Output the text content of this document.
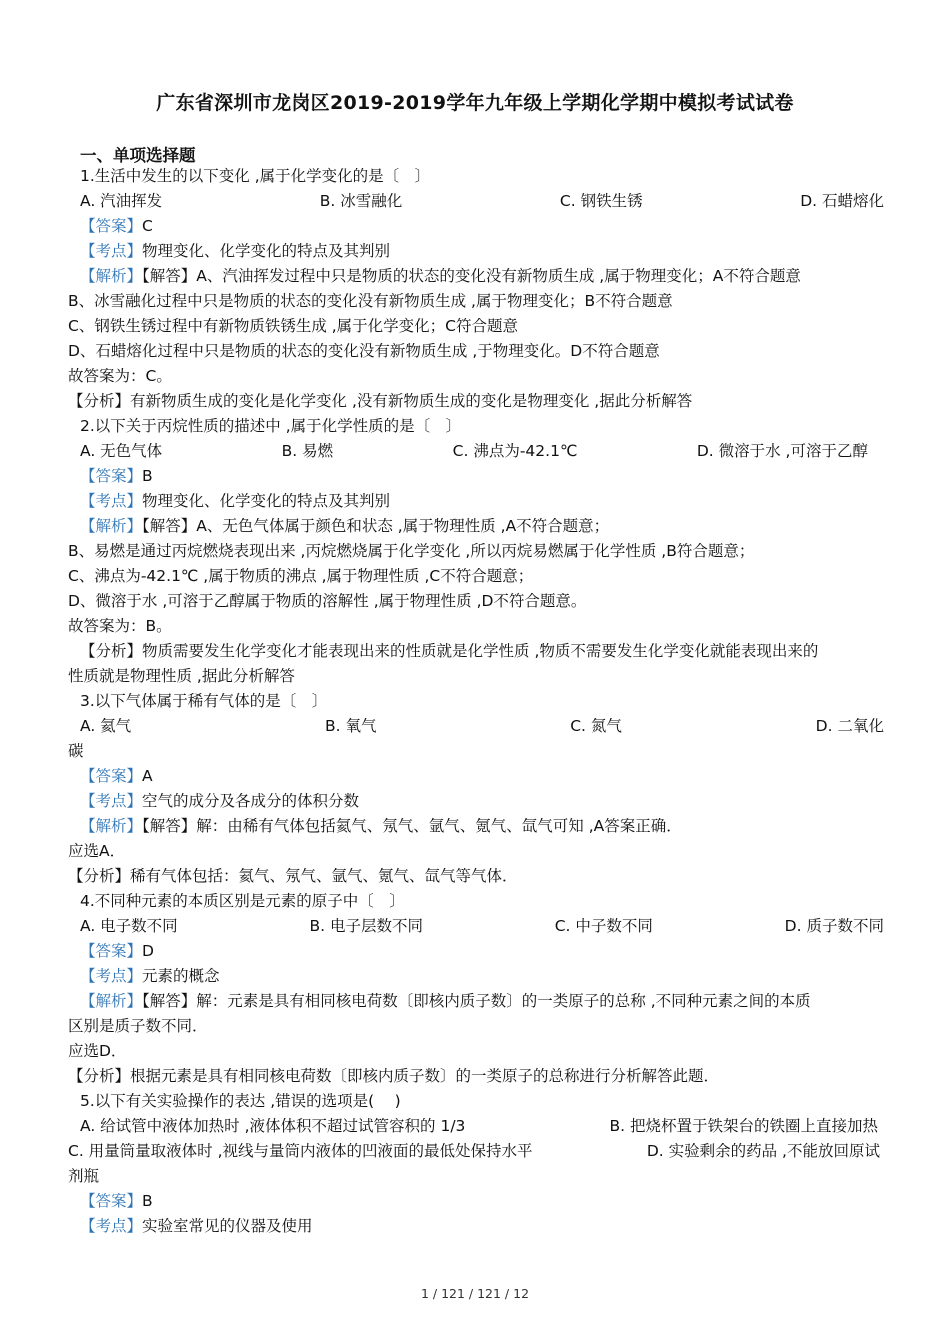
广东省深圳市龙岗区2019-2019学年九年级上学期化学期中模拟考试试卷
一、单项选择题
1.生活中发生的以下变化 ,属于化学变化的是〔　〕
A. 汽油挥发	B. 冰雪融化	C. 钢铁生锈	D. 石蜡熔化
【答案】C
【考点】物理变化、化学变化的特点及其判别
【解析】【解答】A、汽油挥发过程中只是物质的状态的变化没有新物质生成 ,属于物理变化；A不符合题意
B、冰雪融化过程中只是物质的状态的变化没有新物质生成 ,属于物理变化；B不符合题意
C、钢铁生锈过程中有新物质铁锈生成 ,属于化学变化；C符合题意
D、石蜡熔化过程中只是物质的状态的变化没有新物质生成 ,于物理变化。D不符合题意
故答案为：C。
【分析】有新物质生成的变化是化学变化 ,没有新物质生成的变化是物理变化 ,据此分析解答
2.以下关于丙烷性质的描述中 ,属于化学性质的是〔　〕
A. 无色气体	B. 易燃	C. 沸点为-42.1℃	D. 微溶于水 ,可溶于乙醇
【答案】B
【考点】物理变化、化学变化的特点及其判别
【解析】【解答】A、无色气体属于颜色和状态 ,属于物理性质 ,A不符合题意；
B、易燃是通过丙烷燃烧表现出来 ,丙烷燃烧属于化学变化 ,所以丙烷易燃属于化学性质 ,B符合题意；
C、沸点为-42.1℃ ,属于物质的沸点 ,属于物理性质 ,C不符合题意；
D、微溶于水 ,可溶于乙醇属于物质的溶解性 ,属于物理性质 ,D不符合题意。
故答案为：B。
【分析】物质需要发生化学变化才能表现出来的性质就是化学性质 ,物质不需要发生化学变化就能表现出来的
性质就是物理性质 ,据此分析解答
3.以下气体属于稀有气体的是〔　〕
A. 氦气	B. 氧气	C. 氮气	D. 二氧化
碳
【答案】A
【考点】空气的成分及各成分的体积分数
【解析】【解答】解：由稀有气体包括氦气、氖气、氩气、氪气、氙气可知 ,A答案正确．
应选A．
【分析】稀有气体包括：氦气、氖气、氩气、氪气、氙气等气体．
4.不同种元素的本质区别是元素的原子中〔　〕
A. 电子数不同	B. 电子层数不同	C. 中子数不同	D. 质子数不同
【答案】D
【考点】元素的概念
【解析】【解答】解：元素是具有相同核电荷数〔即核内质子数〕的一类原子的总称 ,不同种元素之间的本质
区别是质子数不同．
应选D．
【分析】根据元素是具有相同核电荷数〔即核内质子数〕的一类原子的总称进行分析解答此题．
5.以下有关实验操作的表达 ,错误的选项是(　 )
A. 给试管中液体加热时 ,液体体积不超过试管容积的 1/3	B. 把烧杯置于铁架台的铁圈上直接加热
C. 用量筒量取液体时 ,视线与量筒内液体的凹液面的最低处保持水平	D. 实验剩余的药品 ,不能放回原试
剂瓶
【答案】B
【考点】实验室常见的仪器及使用
1 / 121 / 121 / 12
